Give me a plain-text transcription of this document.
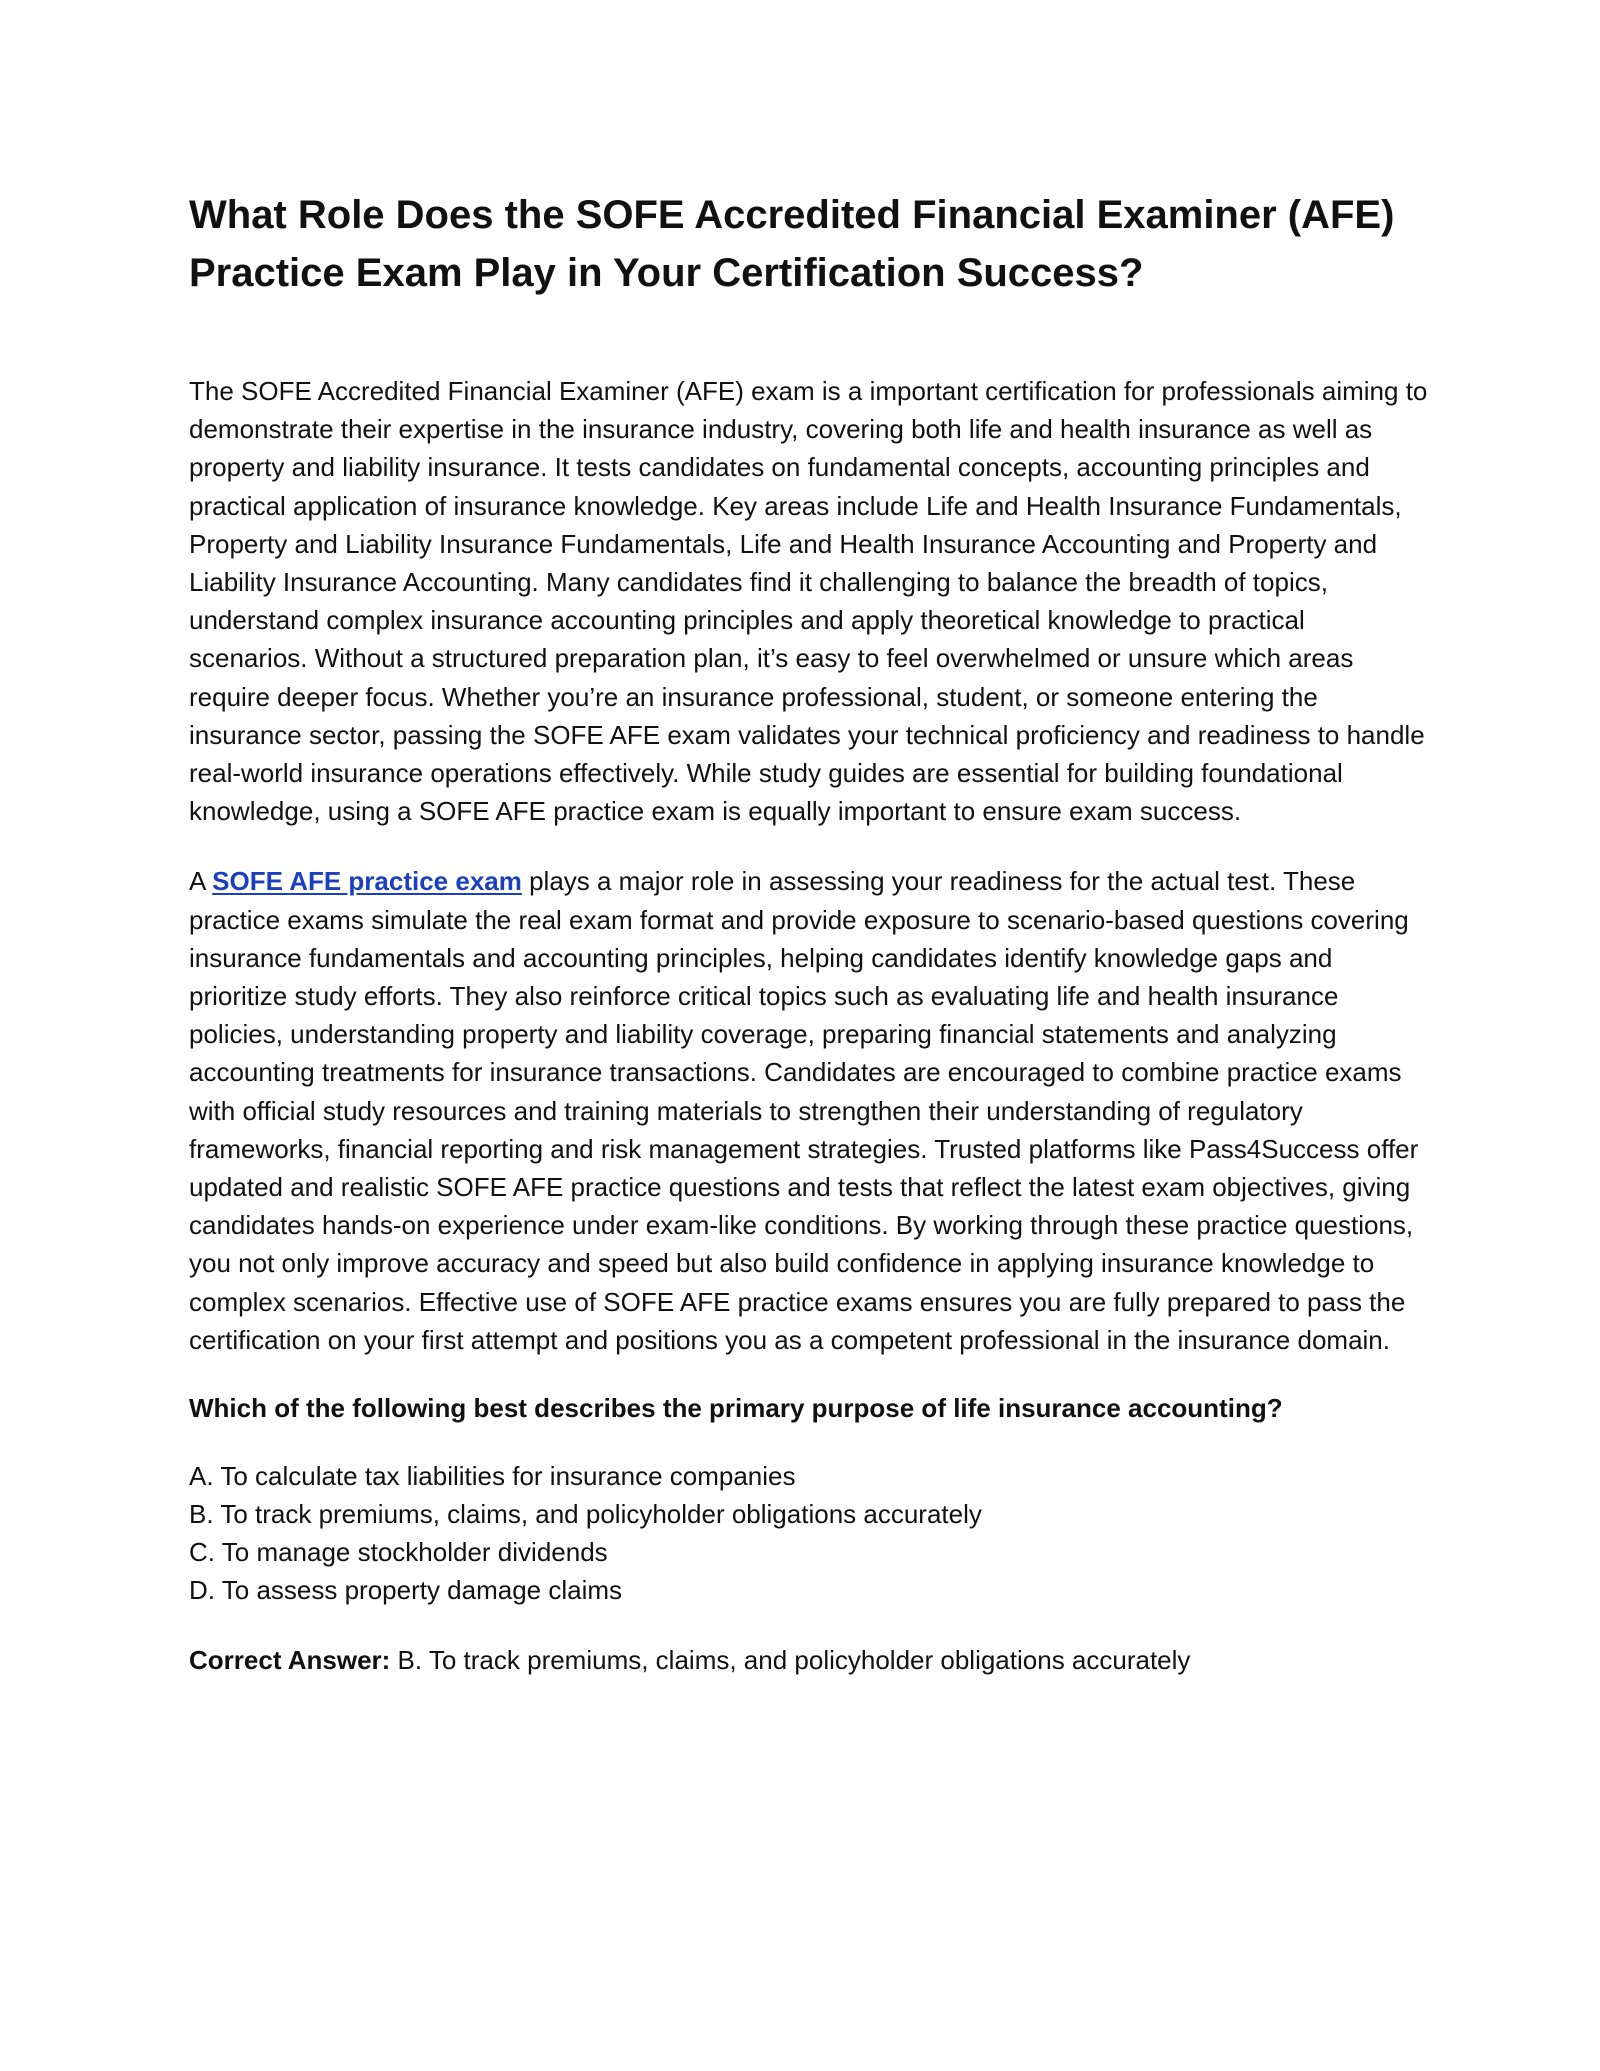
What Role Does the SOFE Accredited Financial Examiner (AFE) Practice Exam Play in Your Certification Success?

The SOFE Accredited Financial Examiner (AFE) exam is a important certification for professionals aiming to demonstrate their expertise in the insurance industry, covering both life and health insurance as well as property and liability insurance. It tests candidates on fundamental concepts, accounting principles and practical application of insurance knowledge. Key areas include Life and Health Insurance Fundamentals, Property and Liability Insurance Fundamentals, Life and Health Insurance Accounting and Property and Liability Insurance Accounting. Many candidates find it challenging to balance the breadth of topics, understand complex insurance accounting principles and apply theoretical knowledge to practical scenarios. Without a structured preparation plan, it’s easy to feel overwhelmed or unsure which areas require deeper focus. Whether you’re an insurance professional, student, or someone entering the insurance sector, passing the SOFE AFE exam validates your technical proficiency and readiness to handle real-world insurance operations effectively. While study guides are essential for building foundational knowledge, using a SOFE AFE practice exam is equally important to ensure exam success.

A SOFE AFE practice exam plays a major role in assessing your readiness for the actual test. These practice exams simulate the real exam format and provide exposure to scenario-based questions covering insurance fundamentals and accounting principles, helping candidates identify knowledge gaps and prioritize study efforts. They also reinforce critical topics such as evaluating life and health insurance policies, understanding property and liability coverage, preparing financial statements and analyzing accounting treatments for insurance transactions. Candidates are encouraged to combine practice exams with official study resources and training materials to strengthen their understanding of regulatory frameworks, financial reporting and risk management strategies. Trusted platforms like Pass4Success offer updated and realistic SOFE AFE practice questions and tests that reflect the latest exam objectives, giving candidates hands-on experience under exam-like conditions. By working through these practice questions, you not only improve accuracy and speed but also build confidence in applying insurance knowledge to complex scenarios. Effective use of SOFE AFE practice exams ensures you are fully prepared to pass the certification on your first attempt and positions you as a competent professional in the insurance domain.

Which of the following best describes the primary purpose of life insurance accounting?

A. To calculate tax liabilities for insurance companies
B. To track premiums, claims, and policyholder obligations accurately
C. To manage stockholder dividends
D. To assess property damage claims

Correct Answer: B. To track premiums, claims, and policyholder obligations accurately
